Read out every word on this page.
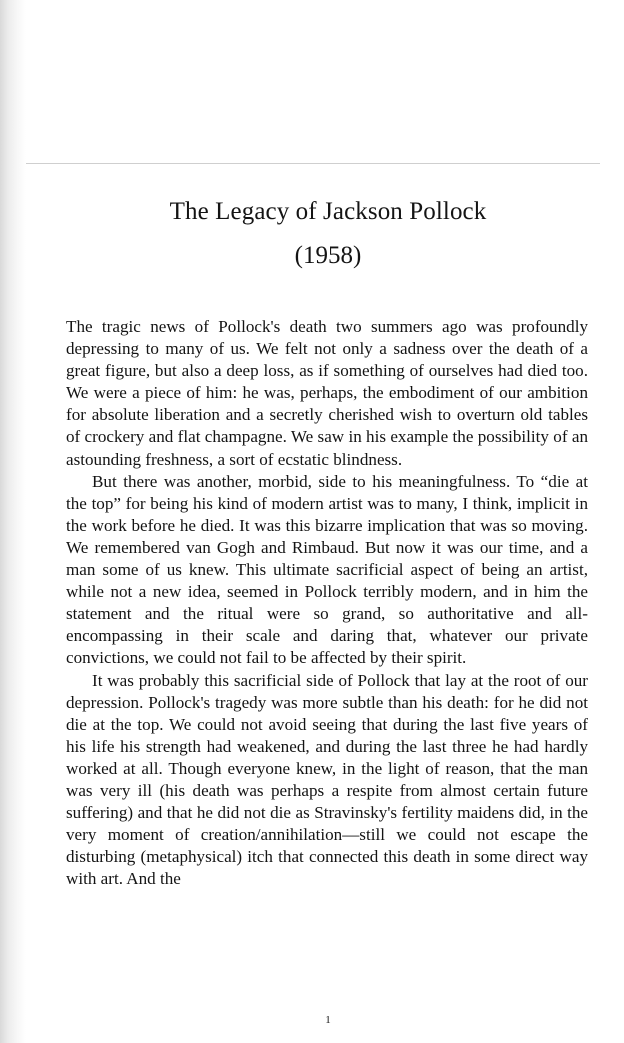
The Legacy of Jackson Pollock
(1958)

The tragic news of Pollock's death two summers ago was profoundly depressing to many of us. We felt not only a sadness over the death of a great figure, but also a deep loss, as if something of ourselves had died too. We were a piece of him: he was, perhaps, the embodiment of our ambition for absolute liberation and a secretly cherished wish to overturn old tables of crockery and flat champagne. We saw in his example the possibility of an astounding freshness, a sort of ecstatic blindness.

But there was another, morbid, side to his meaningfulness. To “die at the top” for being his kind of modern artist was to many, I think, implicit in the work before he died. It was this bizarre implication that was so moving. We remembered van Gogh and Rimbaud. But now it was our time, and a man some of us knew. This ultimate sacrificial aspect of being an artist, while not a new idea, seemed in Pollock terribly modern, and in him the statement and the ritual were so grand, so authoritative and all-encompassing in their scale and daring that, whatever our private convictions, we could not fail to be affected by their spirit.

It was probably this sacrificial side of Pollock that lay at the root of our depression. Pollock's tragedy was more subtle than his death: for he did not die at the top. We could not avoid seeing that during the last five years of his life his strength had weakened, and during the last three he had hardly worked at all. Though everyone knew, in the light of reason, that the man was very ill (his death was perhaps a respite from almost certain future suffering) and that he did not die as Stravinsky's fertility maidens did, in the very moment of creation/annihilation—still we could not escape the disturbing (metaphysical) itch that connected this death in some direct way with art. And the

1
